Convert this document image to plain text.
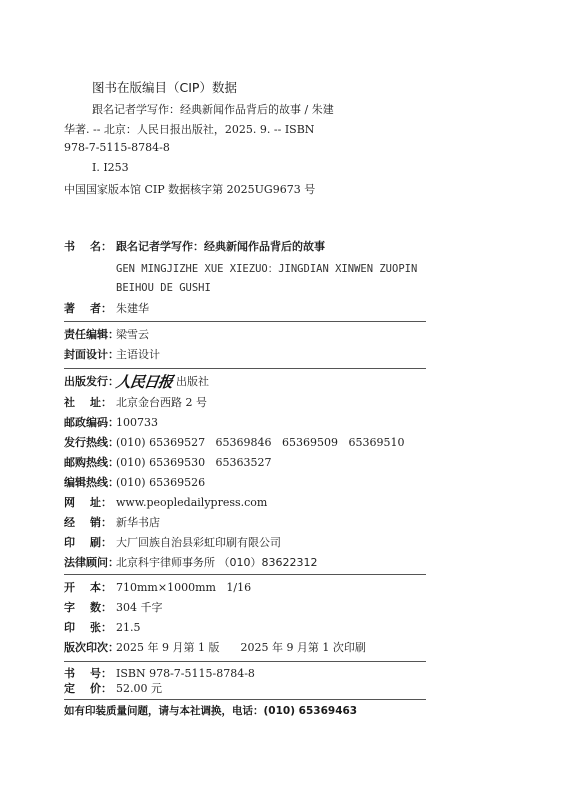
图书在版编目（CIP）数据
跟名记者学写作：经典新闻作品背后的故事 / 朱建
华著. -- 北京：人民日报出版社，2025. 9. -- ISBN
978-7-5115-8784-8
Ⅰ. I253
中国国家版本馆 CIP 数据核字第 2025UG9673 号
书 名： 跟名记者学写作：经典新闻作品背后的故事
GEN MINGJIZHE XUE XIEZUO：JINGDIAN XINWEN ZUOPIN
BEIHOU DE GUSHI
著 者： 朱建华
责任编辑：梁雪云
封面设计：主语设计
出版发行：人民日报 出版社
社 址： 北京金台西路 2 号
邮政编码：100733
发行热线：(010) 65369527   65369846   65369509   65369510
邮购热线：(010) 65369530   65363527
编辑热线：(010) 65369526
网 址： www.peopledailypress.com
经 销： 新华书店
印 刷： 大厂回族自治县彩虹印刷有限公司
法律顾问：北京科宇律师事务所 （010）83622312
开 本： 710mm×1000mm   1/16
字 数： 304 千字
印 张： 21.5
版次印次：2025 年 9 月第 1 版      2025 年 9 月第 1 次印刷
书 号： ISBN 978-7-5115-8784-8
定 价： 52.00 元
如有印装质量问题，请与本社调换，电话：(010) 65369463
